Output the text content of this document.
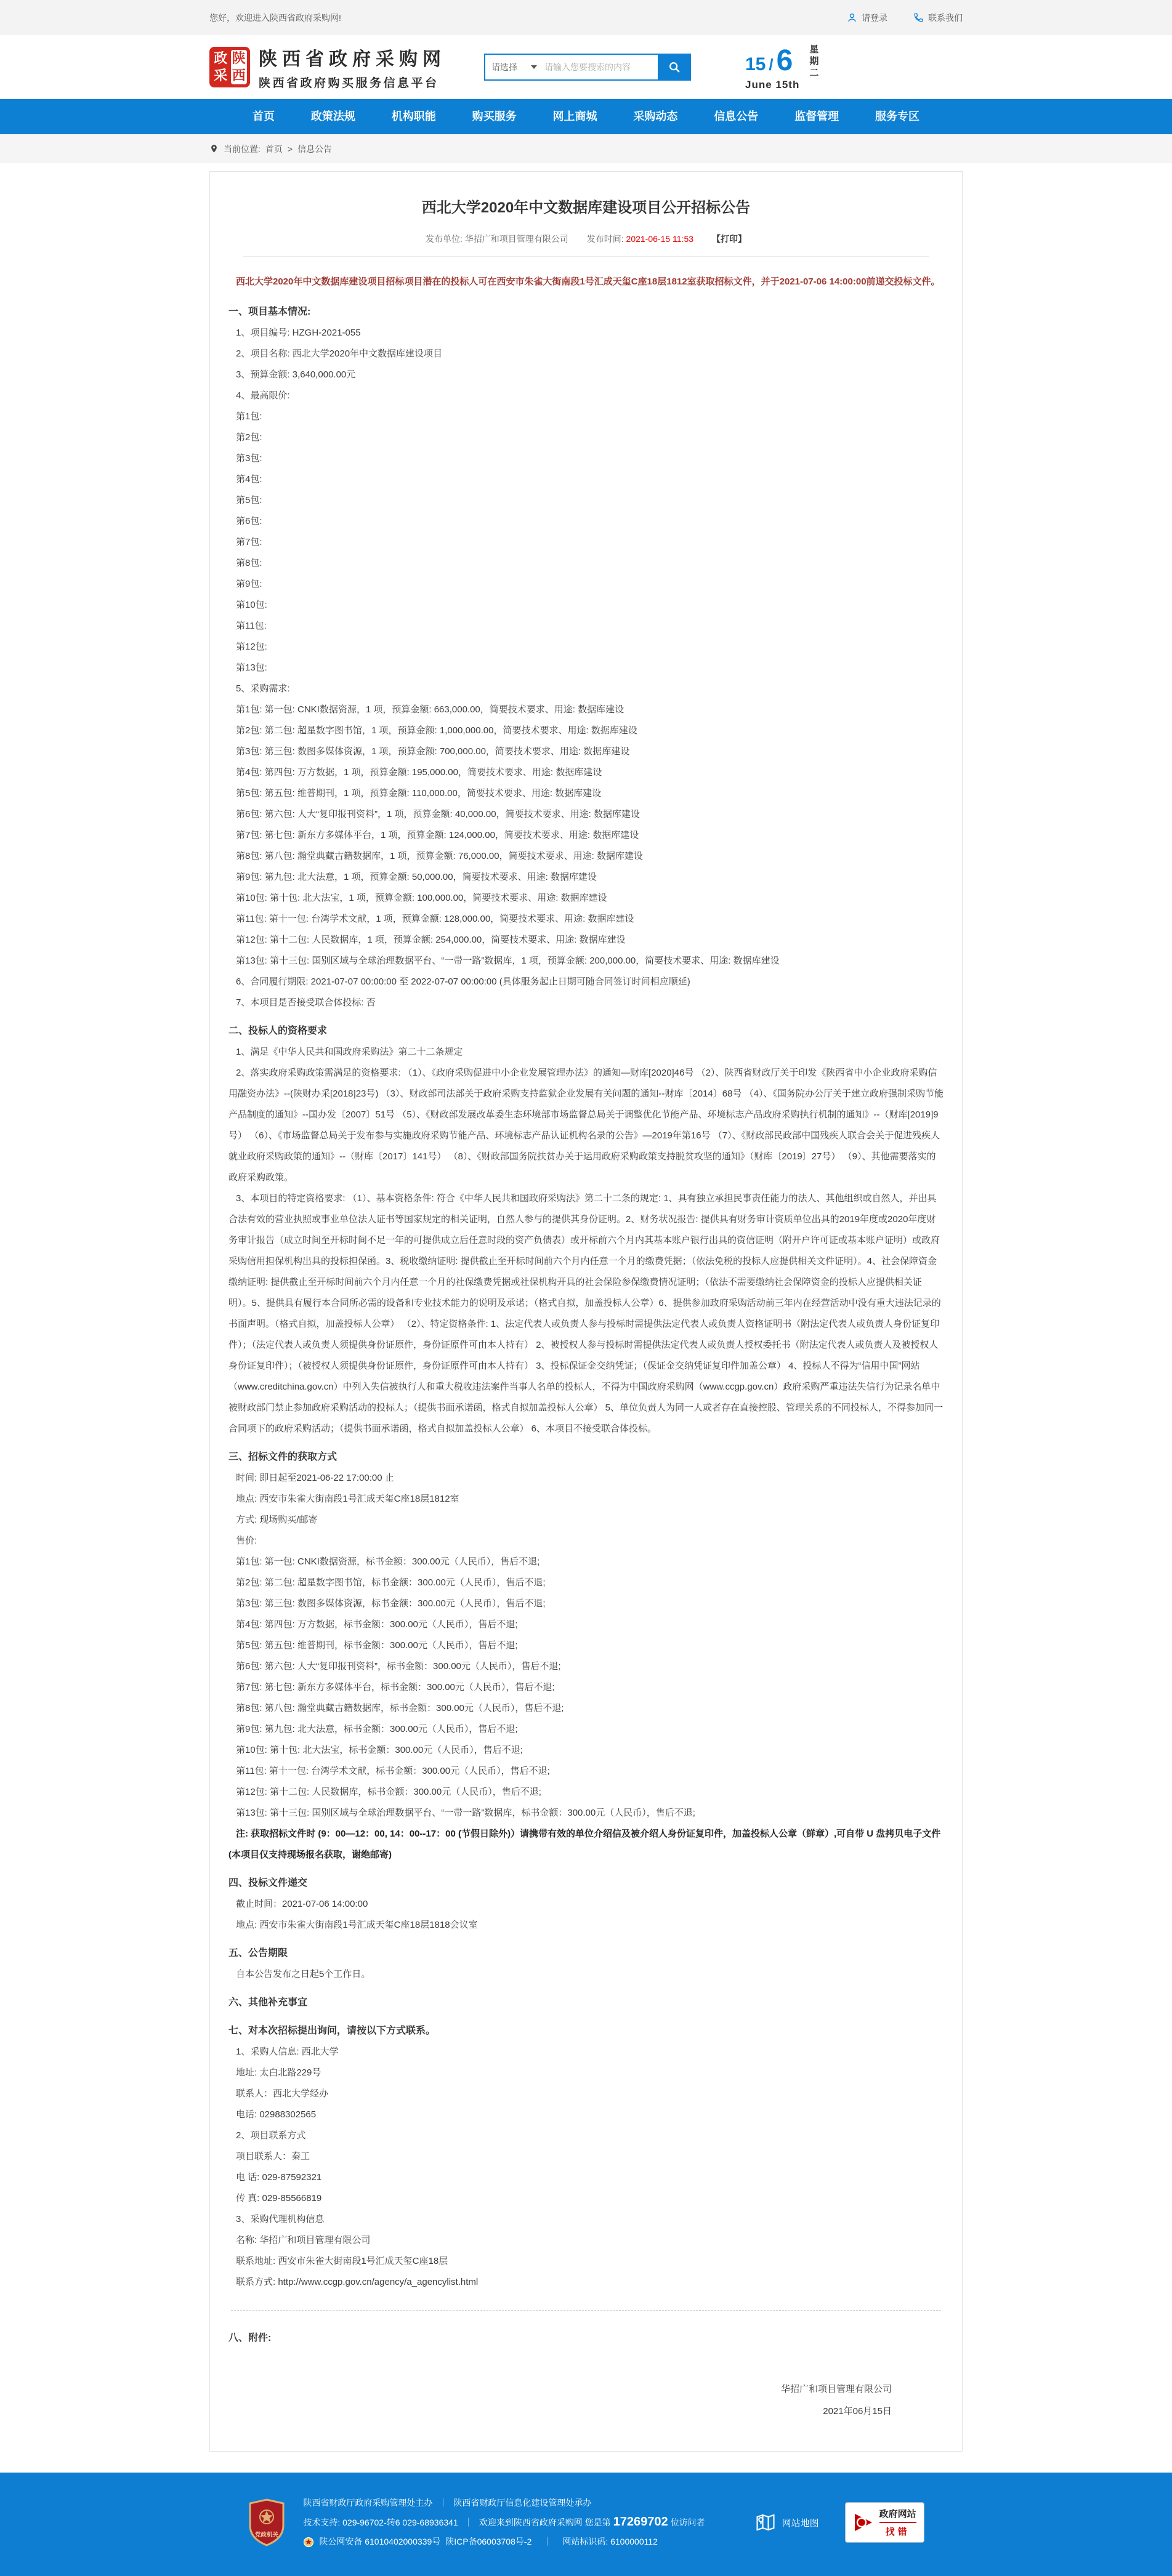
您好，欢迎进入陕西省政府采购网!	请登录	联系我们
政
采
陕
西
陕西省政府采购网
陕西省政府购买服务信息平台
请选择
请输入您要搜索的内容	15 / 6
June 15th
星期二
首页	政策法规	机构职能	购买服务	网上商城	采购动态	信息公告	监督管理	服务专区
当前位置: 首页 > 信息公告
西北大学2020年中文数据库建设项目公开招标公告
发布单位: 华招广和项目管理有限公司 发布时间: 2021-06-15 11:53 【打印】

西北大学2020年中文数据库建设项目招标项目潜在的投标人可在西安市朱雀大街南段1号汇成天玺C座18层1812室获取招标文件，并于2021-07-06 14:00:00前递交投标文件。

一、项目基本情况:
1、项目编号: HZGH-2021-055
2、项目名称: 西北大学2020年中文数据库建设项目
3、预算金额: 3,640,000.00元
4、最高限价:
第1包:
第2包:
第3包:
第4包:
第5包:
第6包:
第7包:
第8包:
第9包:
第10包:
第11包:
第12包:
第13包:
5、采购需求:
第1包: 第一包: CNKI数据资源，1 项，预算金额: 663,000.00，简要技术要求、用途: 数据库建设
第2包: 第二包: 超星数字图书馆，1 项，预算金额: 1,000,000.00，简要技术要求、用途: 数据库建设
第3包: 第三包: 数图多媒体资源，1 项，预算金额: 700,000.00，简要技术要求、用途: 数据库建设
第4包: 第四包: 万方数据，1 项，预算金额: 195,000.00，简要技术要求、用途: 数据库建设
第5包: 第五包: 维普期刊，1 项，预算金额: 110,000.00，简要技术要求、用途: 数据库建设
第6包: 第六包: 人大“复印报刊资料”，1 项，预算金额: 40,000.00，简要技术要求、用途: 数据库建设
第7包: 第七包: 新东方多媒体平台，1 项，预算金额: 124,000.00，简要技术要求、用途: 数据库建设
第8包: 第八包: 瀚堂典藏古籍数据库，1 项，预算金额: 76,000.00，简要技术要求、用途: 数据库建设
第9包: 第九包: 北大法意，1 项，预算金额: 50,000.00，简要技术要求、用途: 数据库建设
第10包: 第十包: 北大法宝，1 项，预算金额: 100,000.00，简要技术要求、用途: 数据库建设
第11包: 第十一包: 台湾学术文献，1 项，预算金额: 128,000.00，简要技术要求、用途: 数据库建设
第12包: 第十二包: 人民数据库，1 项，预算金额: 254,000.00，简要技术要求、用途: 数据库建设
第13包: 第十三包: 国别区域与全球治理数据平台、“一带一路”数据库，1 项，预算金额: 200,000.00，简要技术要求、用途: 数据库建设
6、合同履行期限: 2021-07-07 00:00:00 至 2022-07-07 00:00:00 (具体服务起止日期可随合同签订时间相应顺延)
7、本项目是否接受联合体投标: 否
二、投标人的资格要求
1、满足《中华人民共和国政府采购法》第二十二条规定
2、落实政府采购政策需满足的资格要求: （1）、《政府采购促进中小企业发展管理办法》的通知—财库[2020]46号 （2）、陕西省财政厅关于印发《陕西省中小企业政府采购信用融资办法》--(陕财办采[2018]23号) （3）、财政部司法部关于政府采购支持监狱企业发展有关问题的通知--财库〔2014〕68号 （4）、《国务院办公厅关于建立政府强制采购节能产品制度的通知》--国办发〔2007〕51号 （5）、《财政部发展改革委生态环境部市场监督总局关于调整优化节能产品、环境标志产品政府采购执行机制的通知》--（财库[2019]9号） （6）、《市场监督总局关于发布参与实施政府采购节能产品、环境标志产品认证机构名录的公告》—2019年第16号 （7）、《财政部民政部中国残疾人联合会关于促进残疾人就业政府采购政策的通知》--（财库〔2017〕141号） （8）、《财政部国务院扶贫办关于运用政府采购政策支持脱贫攻坚的通知》（财库〔2019〕27号） （9）、其他需要落实的政府采购政策。
3、本项目的特定资格要求: （1）、基本资格条件: 符合《中华人民共和国政府采购法》第二十二条的规定: 1、具有独立承担民事责任能力的法人、其他组织或自然人，并出具合法有效的营业执照或事业单位法人证书等国家规定的相关证明，自然人参与的提供其身份证明。2、财务状况报告: 提供具有财务审计资质单位出具的2019年度或2020年度财务审计报告（成立时间至开标时间不足一年的可提供成立后任意时段的资产负债表）或开标前六个月内其基本账户银行出具的资信证明（附开户许可证或基本账户证明）或政府采购信用担保机构出具的投标担保函。3、税收缴纳证明: 提供截止至开标时间前六个月内任意一个月的缴费凭据；（依法免税的投标人应提供相关文件证明）。4、社会保障资金缴纳证明: 提供截止至开标时间前六个月内任意一个月的社保缴费凭据或社保机构开具的社会保险参保缴费情况证明；（依法不需要缴纳社会保障资金的投标人应提供相关证明）。5、提供具有履行本合同所必需的设备和专业技术能力的说明及承诺；（格式自拟，加盖投标人公章）6、提供参加政府采购活动前三年内在经营活动中没有重大违法记录的书面声明。（格式自拟，加盖投标人公章） （2）、特定资格条件: 1、法定代表人或负责人参与投标时需提供法定代表人或负责人资格证明书（附法定代表人或负责人身份证复印件）；（法定代表人或负责人须提供身份证原件，身份证原件可由本人持有） 2、被授权人参与投标时需提供法定代表人或负责人授权委托书（附法定代表人或负责人及被授权人身份证复印件）；（被授权人须提供身份证原件，身份证原件可由本人持有） 3、投标保证金交纳凭证；（保证金交纳凭证复印件加盖公章） 4、投标人不得为“信用中国”网站（www.creditchina.gov.cn）中列入失信被执行人和重大税收违法案件当事人名单的投标人，不得为中国政府采购网（www.ccgp.gov.cn）政府采购严重违法失信行为记录名单中被财政部门禁止参加政府采购活动的投标人；（提供书面承诺函，格式自拟加盖投标人公章） 5、单位负责人为同一人或者存在直接控股、管理关系的不同投标人，不得参加同一合同项下的政府采购活动；（提供书面承诺函，格式自拟加盖投标人公章） 6、本项目不接受联合体投标。
三、招标文件的获取方式
时间: 即日起至2021-06-22 17:00:00 止
地点: 西安市朱雀大街南段1号汇成天玺C座18层1812室
方式: 现场购买/邮寄
售价:
第1包: 第一包: CNKI数据资源，标书金额：300.00元（人民币），售后不退;
第2包: 第二包: 超星数字图书馆，标书金额：300.00元（人民币），售后不退;
第3包: 第三包: 数图多媒体资源，标书金额：300.00元（人民币），售后不退;
第4包: 第四包: 万方数据，标书金额：300.00元（人民币），售后不退;
第5包: 第五包: 维普期刊，标书金额：300.00元（人民币），售后不退;
第6包: 第六包: 人大“复印报刊资料”，标书金额：300.00元（人民币），售后不退;
第7包: 第七包: 新东方多媒体平台，标书金额：300.00元（人民币），售后不退;
第8包: 第八包: 瀚堂典藏古籍数据库，标书金额：300.00元（人民币），售后不退;
第9包: 第九包: 北大法意，标书金额：300.00元（人民币），售后不退;
第10包: 第十包: 北大法宝，标书金额：300.00元（人民币），售后不退;
第11包: 第十一包: 台湾学术文献，标书金额：300.00元（人民币），售后不退;
第12包: 第十二包: 人民数据库，标书金额：300.00元（人民币），售后不退;
第13包: 第十三包: 国别区域与全球治理数据平台、“一带一路”数据库，标书金额：300.00元（人民币），售后不退;
注: 获取招标文件时 (9：00—12：00, 14：00--17：00 (节假日除外)）请携带有效的单位介绍信及被介绍人身份证复印件，加盖投标人公章（鲜章）,可自带 U 盘拷贝电子文件 (本项目仅支持现场报名获取，谢绝邮寄)
四、投标文件递交
截止时间：2021-07-06 14:00:00
地点: 西安市朱雀大街南段1号汇成天玺C座18层1818会议室
五、公告期限
自本公告发布之日起5个工作日。
六、其他补充事宜
七、对本次招标提出询问，请按以下方式联系。
1、采购人信息: 西北大学
地址: 太白北路229号
联系人：西北大学经办
电话: 02988302565
2、项目联系方式
项目联系人：秦工
电 话: 029-87592321
传 真: 029-85566819
3、采购代理机构信息
名称: 华招广和项目管理有限公司
联系地址: 西安市朱雀大街南段1号汇成天玺C座18层
联系方式: http://www.ccgp.gov.cn/agency/a_agencylist.html
八、附件:
华招广和项目管理有限公司
2021年06月15日
党政机关
陕西省财政厅政府采购管理处主办 ｜ 陕西省财政厅信息化建设管理处承办
技术支持: 029-96702-转6 029-68936341 ｜ 欢迎来到陕西省政府采购网 您是第 17269702 位访问者
陕公网安备 61010402000339号 陕ICP备06003708号-2	｜	网站标识码: 6100000112
网站地图
政府网站
找错
